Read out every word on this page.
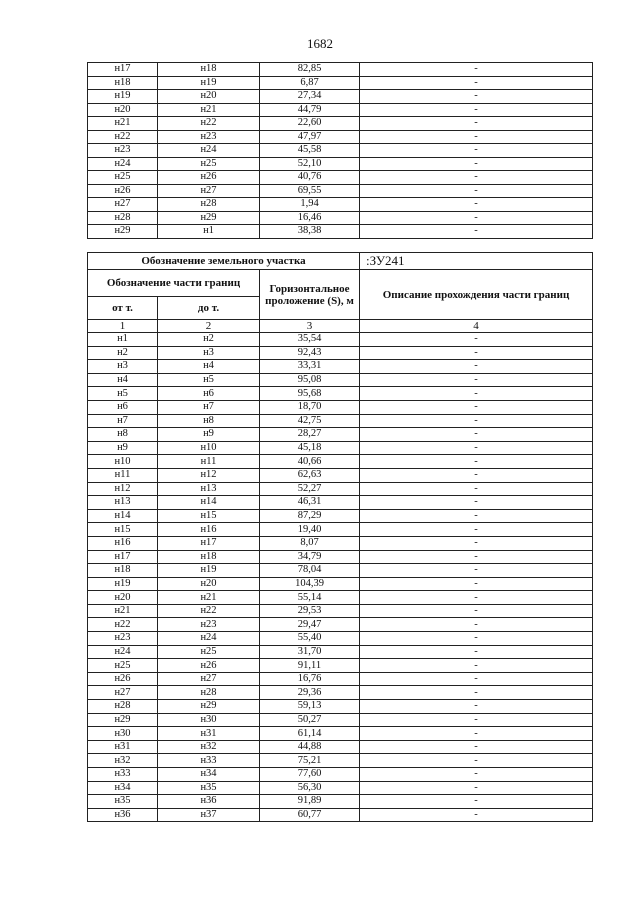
1682
н17	н18	82,85	-
н18	н19	6,87	-
н19	н20	27,34	-
н20	н21	44,79	-
н21	н22	22,60	-
н22	н23	47,97	-
н23	н24	45,58	-
н24	н25	52,10	-
н25	н26	40,76	-
н26	н27	69,55	-
н27	н28	1,94	-
н28	н29	16,46	-
н29	н1	38,38	-
Обозначение земельного участка			:ЗУ241
Обозначение части границ		Горизонтальное проложение (S), м	Описание прохождения части границ
от т.	до т.		
1	2	3	4
н1	н2	35,54	-
н2	н3	92,43	-
н3	н4	33,31	-
н4	н5	95,08	-
н5	н6	95,68	-
н6	н7	18,70	-
н7	н8	42,75	-
н8	н9	28,27	-
н9	н10	45,18	-
н10	н11	40,66	-
н11	н12	62,63	-
н12	н13	52,27	-
н13	н14	46,31	-
н14	н15	87,29	-
н15	н16	19,40	-
н16	н17	8,07	-
н17	н18	34,79	-
н18	н19	78,04	-
н19	н20	104,39	-
н20	н21	55,14	-
н21	н22	29,53	-
н22	н23	29,47	-
н23	н24	55,40	-
н24	н25	31,70	-
н25	н26	91,11	-
н26	н27	16,76	-
н27	н28	29,36	-
н28	н29	59,13	-
н29	н30	50,27	-
н30	н31	61,14	-
н31	н32	44,88	-
н32	н33	75,21	-
н33	н34	77,60	-
н34	н35	56,30	-
н35	н36	91,89	-
н36	н37	60,77	-
